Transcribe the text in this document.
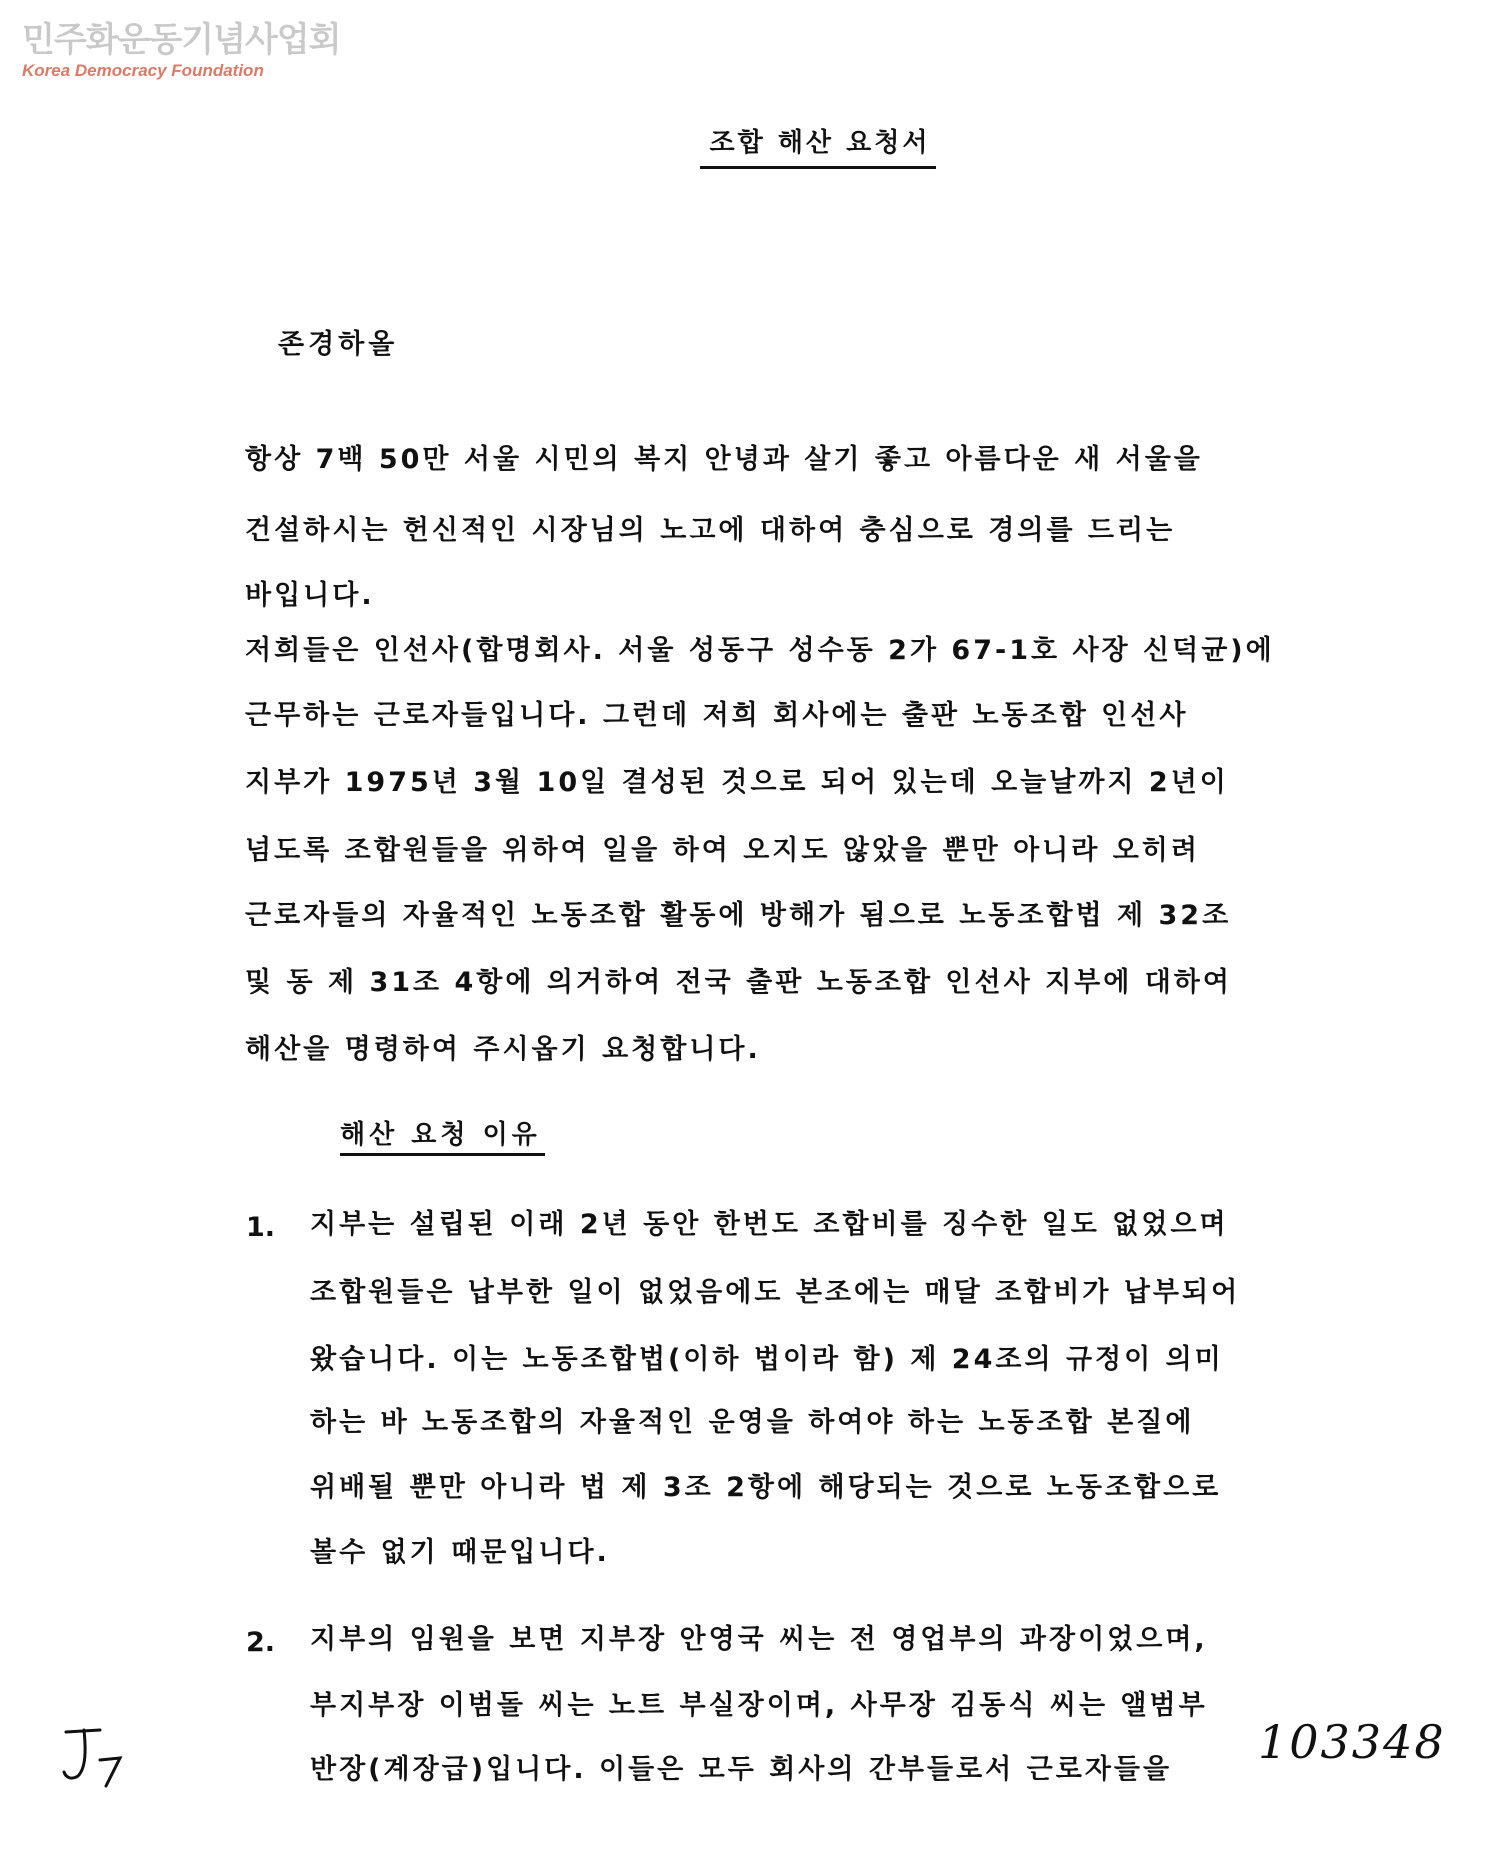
민주화운동기념사업회
Korea Democracy Foundation
조합 해산 요청서
존경하올
항상 7백 50만 서울 시민의 복지 안녕과 살기 좋고 아름다운 새 서울을
건설하시는 헌신적인 시장님의 노고에 대하여 충심으로 경의를 드리는
바입니다.
저희들은 인선사(합명회사. 서울 성동구 성수동 2가 67-1호 사장 신덕균)에
근무하는 근로자들입니다. 그런데 저희 회사에는 출판 노동조합 인선사
지부가 1975년 3월 10일 결성된 것으로 되어 있는데 오늘날까지 2년이
넘도록 조합원들을 위하여 일을 하여 오지도 않았을 뿐만 아니라 오히려
근로자들의 자율적인 노동조합 활동에 방해가 됨으로 노동조합법 제 32조
및 동 제 31조 4항에 의거하여 전국 출판 노동조합 인선사 지부에 대하여
해산을 명령하여 주시옵기 요청합니다.
해산 요청 이유
1. 지부는 설립된 이래 2년 동안 한번도 조합비를 징수한 일도 없었으며
조합원들은 납부한 일이 없었음에도 본조에는 매달 조합비가 납부되어
왔습니다. 이는 노동조합법(이하 법이라 함) 제 24조의 규정이 의미
하는 바 노동조합의 자율적인 운영을 하여야 하는 노동조합 본질에
위배될 뿐만 아니라 법 제 3조 2항에 해당되는 것으로 노동조합으로
볼수 없기 때문입니다.
2. 지부의 임원을 보면 지부장 안영국 씨는 전 영업부의 과장이었으며,
부지부장 이범돌 씨는 노트 부실장이며, 사무장 김동식 씨는 앨범부
반장(계장급)입니다. 이들은 모두 회사의 간부들로서 근로자들을
103348
